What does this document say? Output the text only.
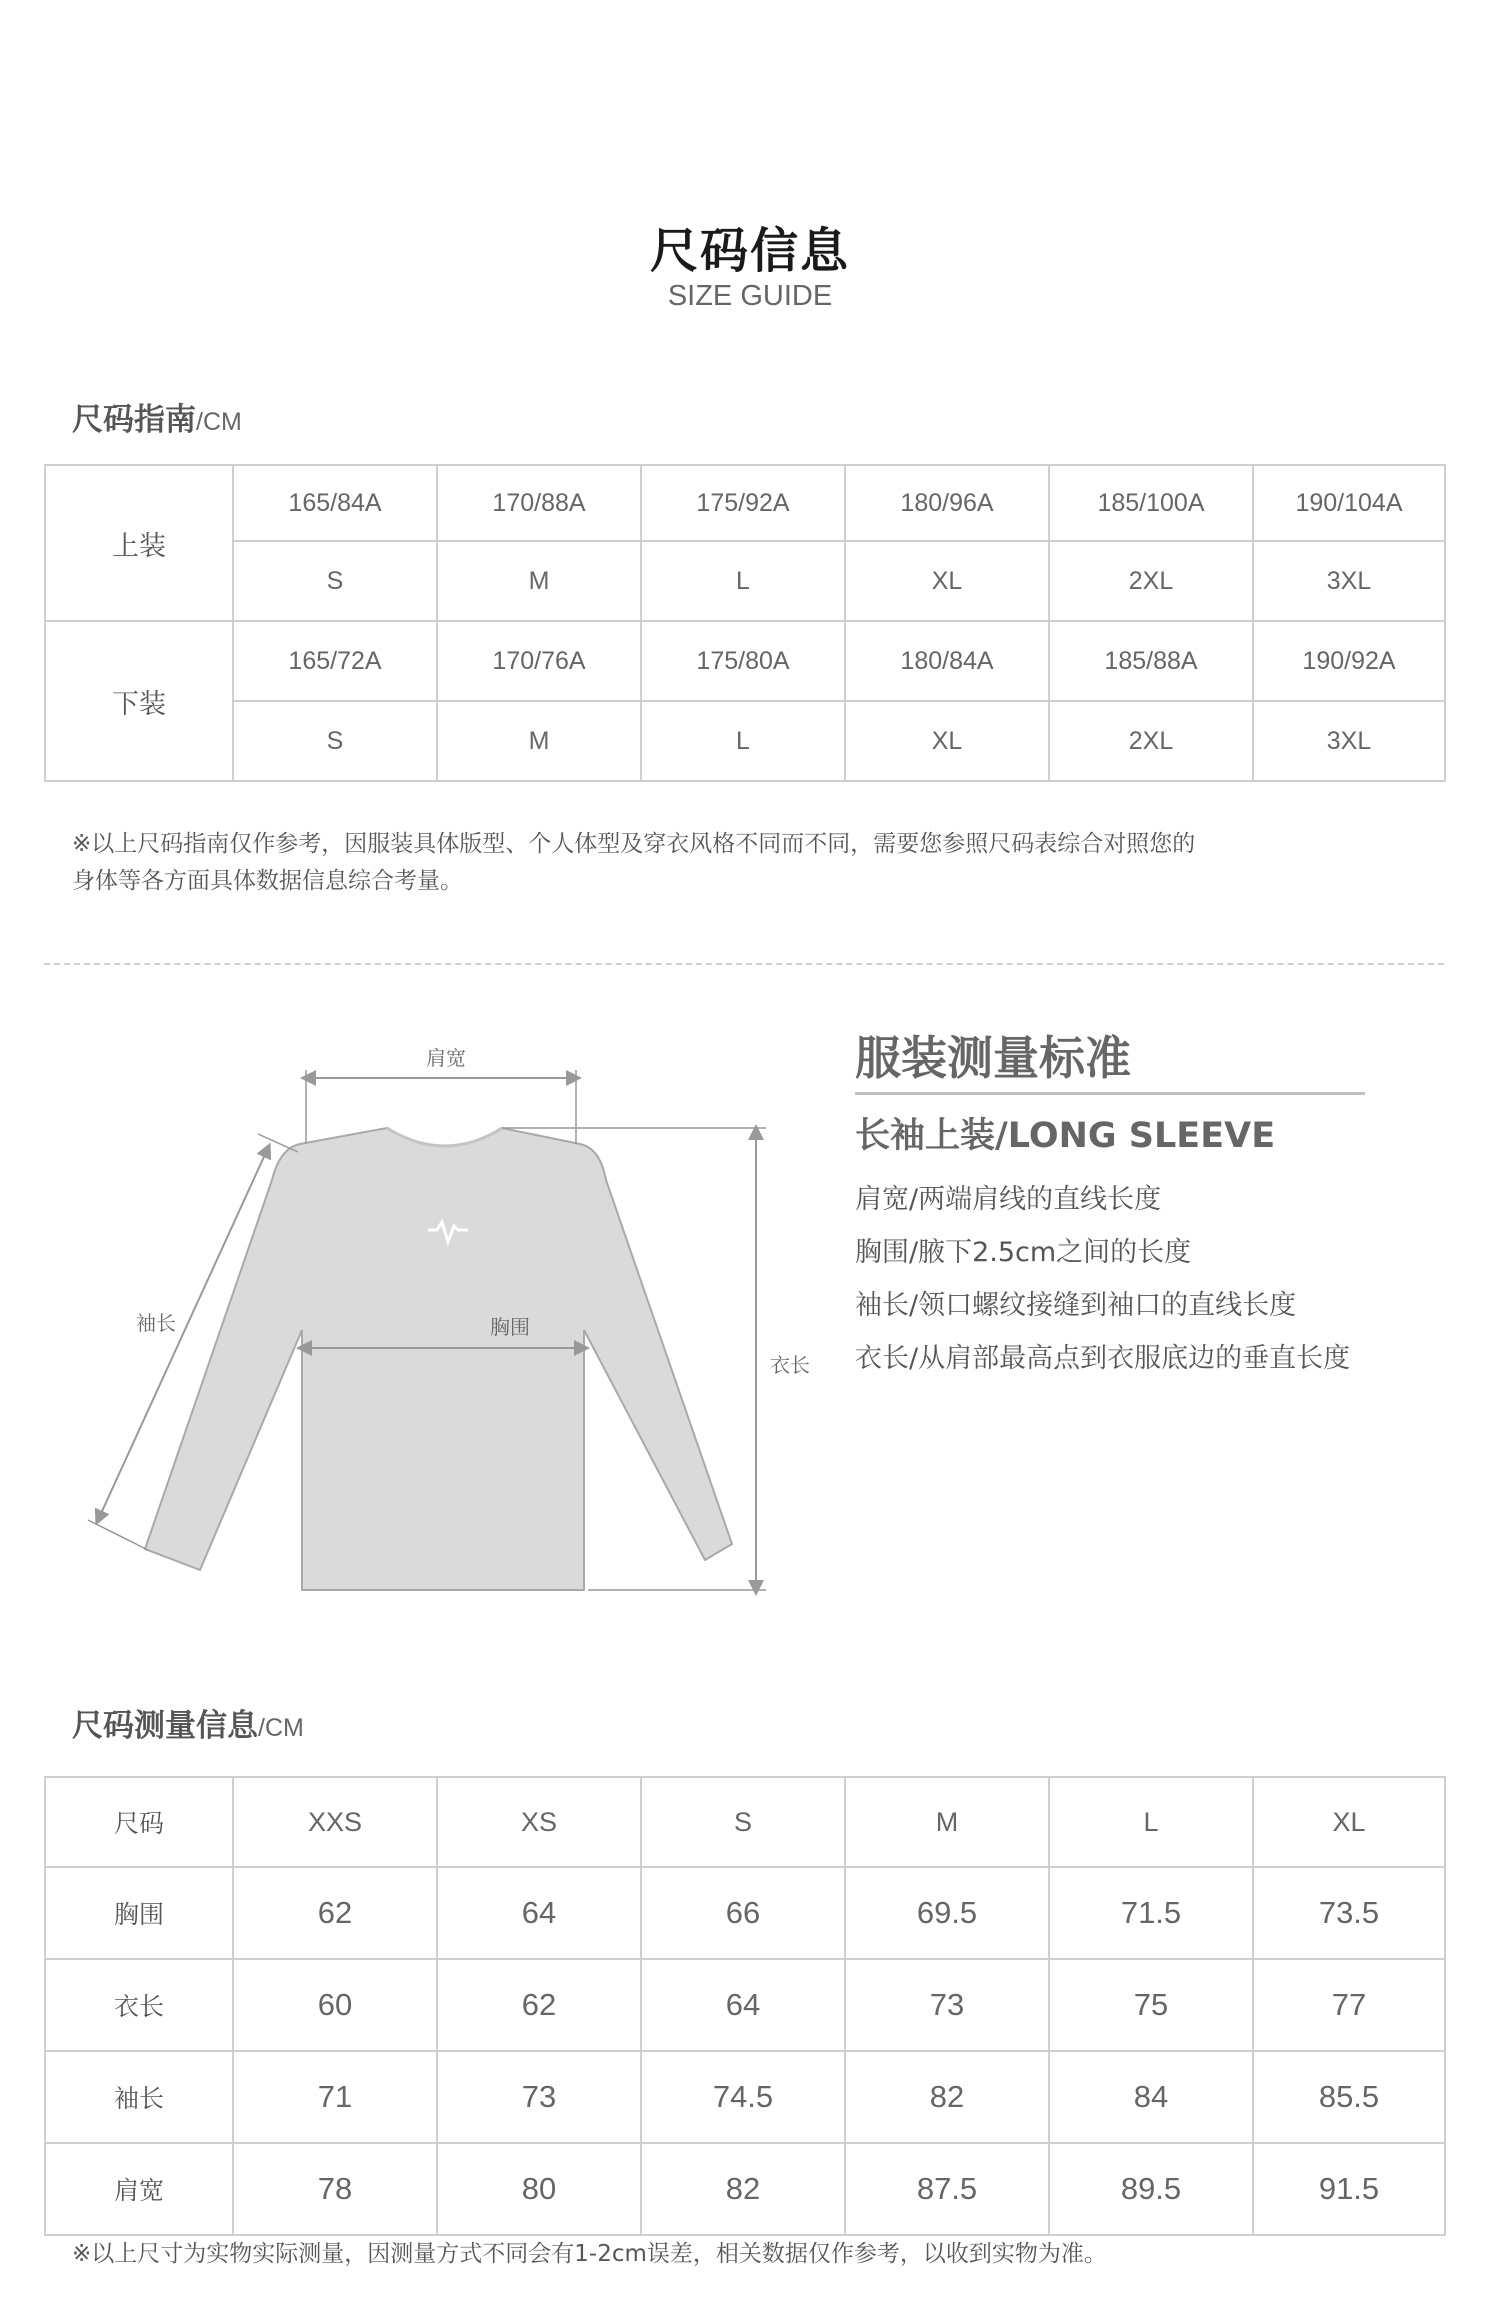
尺码信息
SIZE GUIDE
尺码指南/CM
上装	165/84A	170/88A	175/92A	180/96A	185/100A	190/104A
	S	M	L	XL	2XL	3XL
下装	165/72A	170/76A	175/80A	180/84A	185/88A	190/92A
	S	M	L	XL	2XL	3XL
※以上尺码指南仅作参考，因服装具体版型、个人体型及穿衣风格不同而不同，需要您参照尺码表综合对照您的
身体等各方面具体数据信息综合考量。
肩宽
胸围
袖长
衣长
服装测量标准
长袖上装/LONG SLEEVE
肩宽/两端肩线的直线长度
胸围/腋下2.5cm之间的长度
袖长/领口螺纹接缝到袖口的直线长度
衣长/从肩部最高点到衣服底边的垂直长度
尺码测量信息/CM
尺码	XXS	XS	S	M	L	XL
胸围	62	64	66	69.5	71.5	73.5
衣长	60	62	64	73	75	77
袖长	71	73	74.5	82	84	85.5
肩宽	78	80	82	87.5	89.5	91.5
※以上尺寸为实物实际测量，因测量方式不同会有1-2cm误差，相关数据仅作参考，以收到实物为准。
